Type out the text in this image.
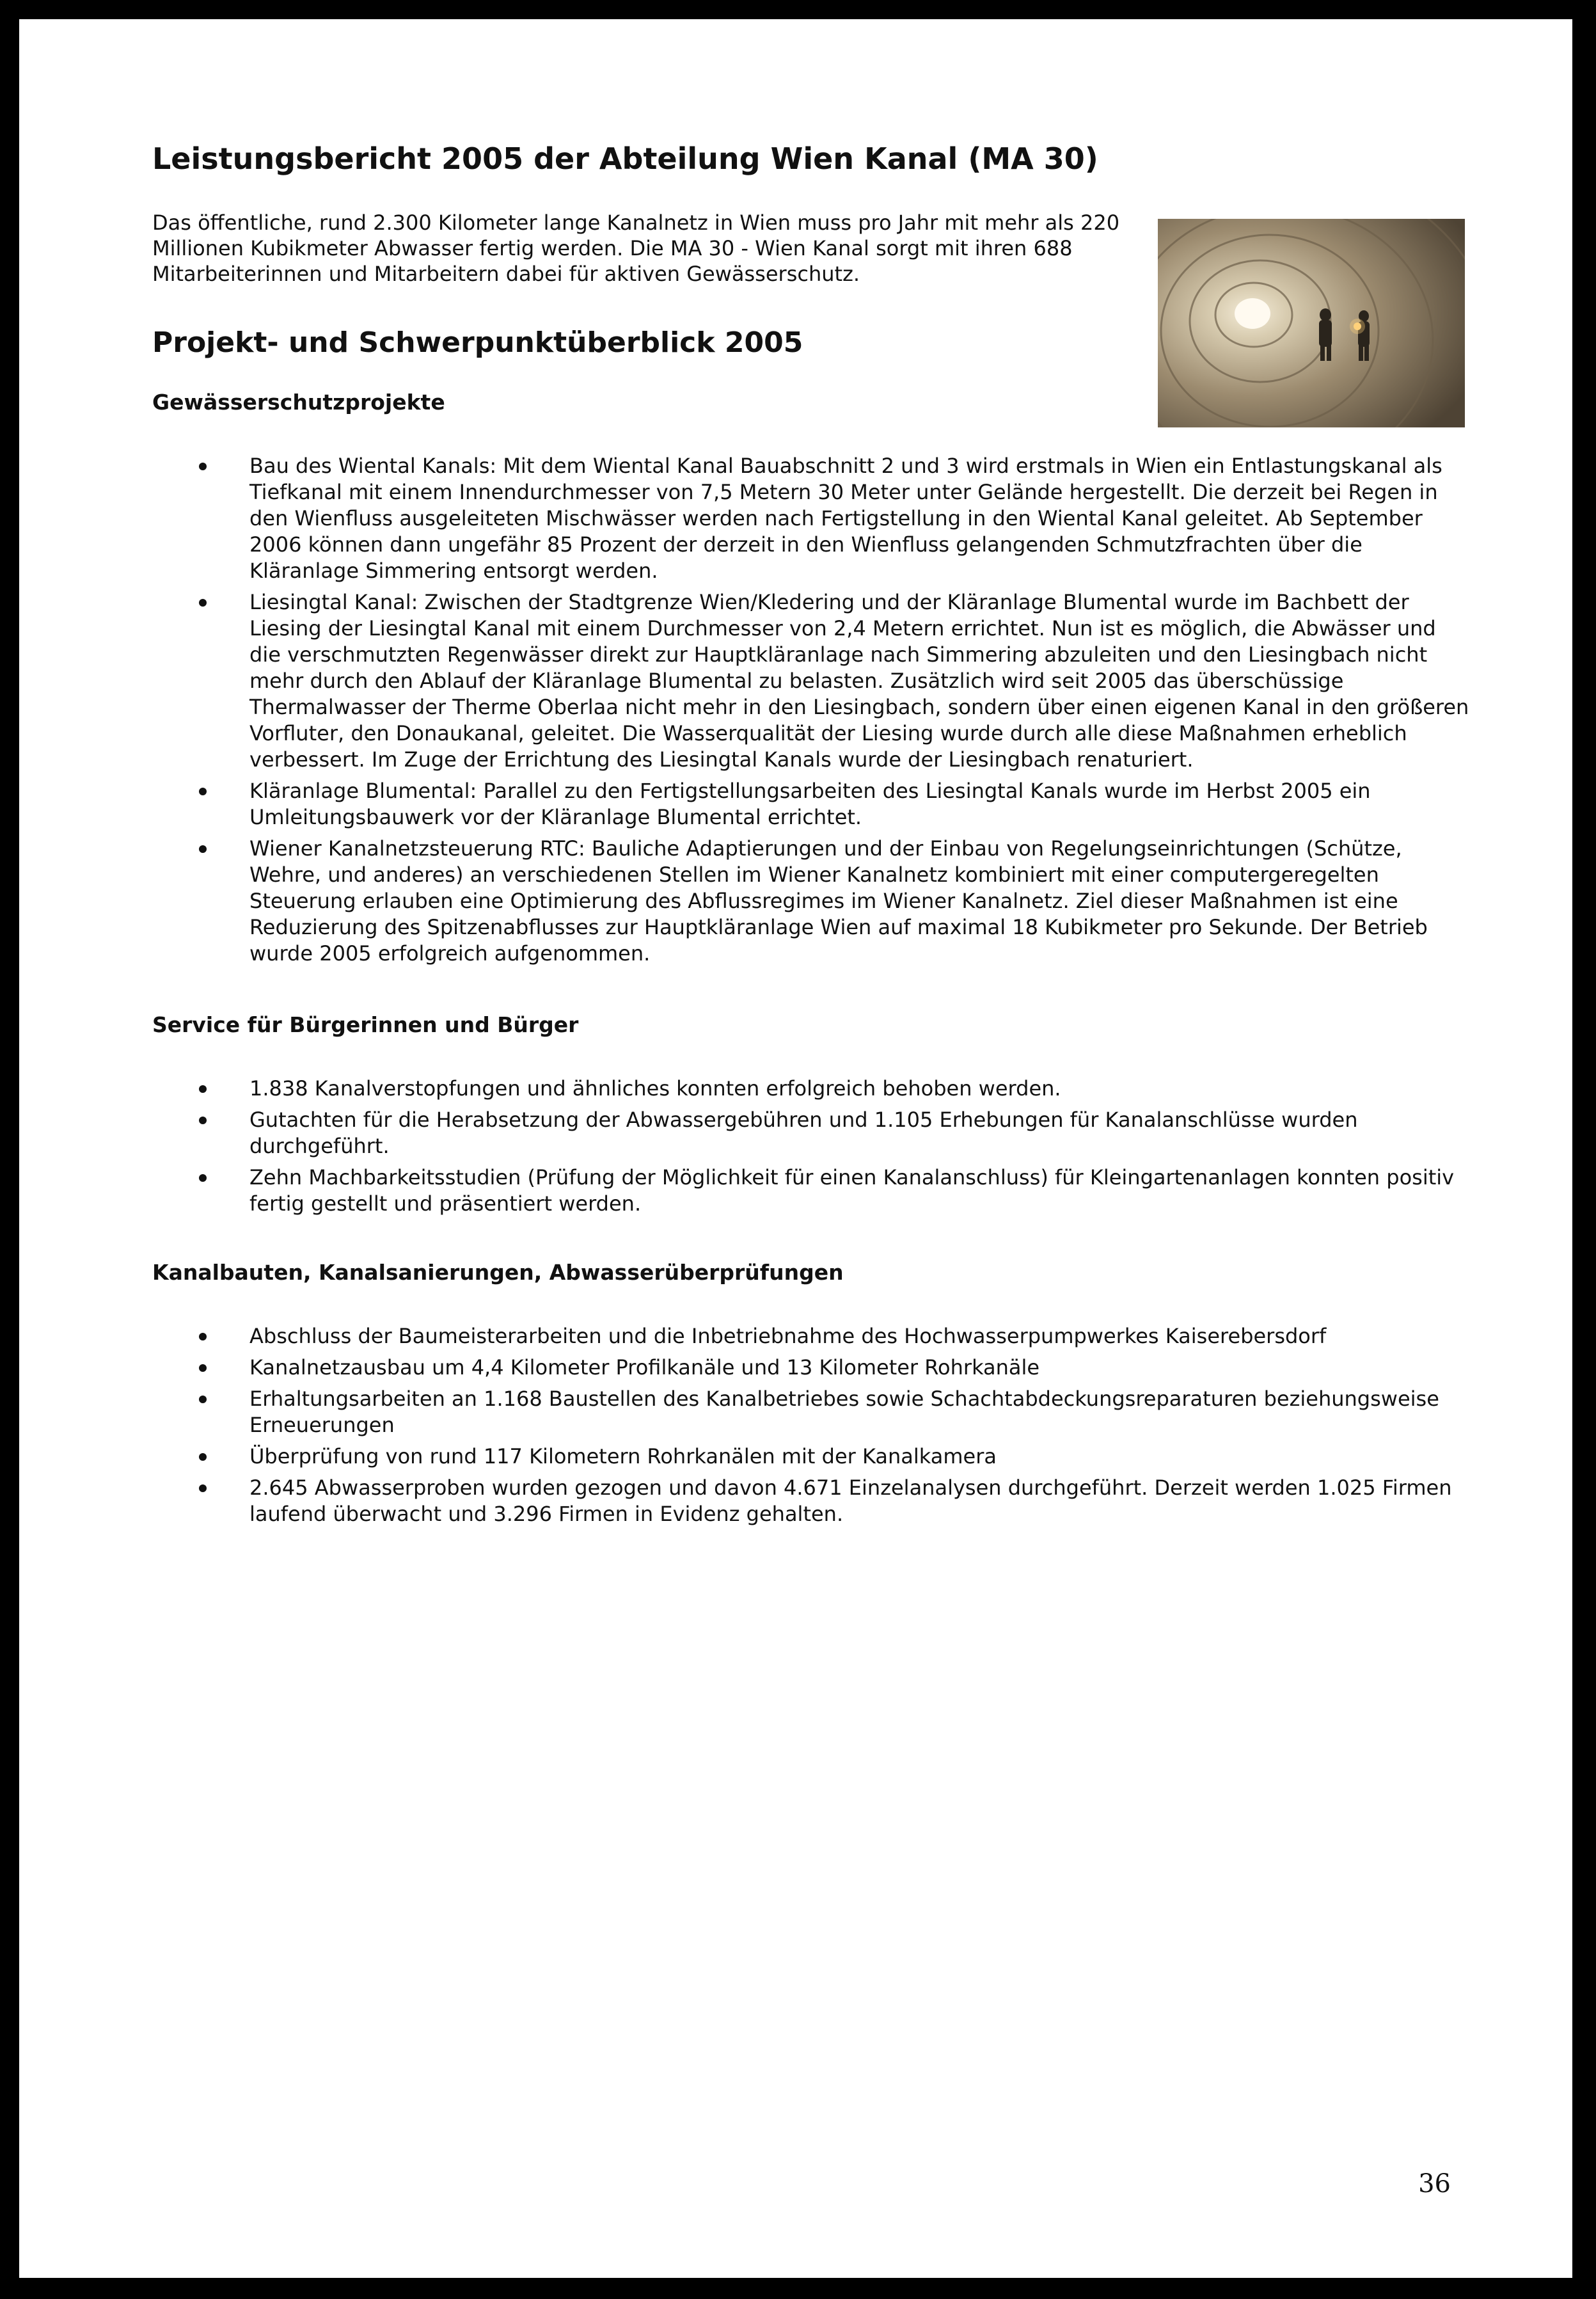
Leistungsbericht 2005 der Abteilung Wien Kanal (MA 30)

Das öffentliche, rund 2.300 Kilometer lange Kanalnetz in Wien muss pro Jahr mit mehr als 220 Millionen Kubikmeter Abwasser fertig werden. Die MA 30 - Wien Kanal sorgt mit ihren 688 Mitarbeiterinnen und Mitarbeitern dabei für aktiven Gewässerschutz.

Projekt- und Schwerpunktüberblick 2005
Gewässerschutzprojekte
Bau des Wiental Kanals: Mit dem Wiental Kanal Bauabschnitt 2 und 3 wird erstmals in Wien ein Entlastungskanal als Tiefkanal mit einem Innendurchmesser von 7,5 Metern 30 Meter unter Gelände hergestellt. Die derzeit bei Regen in den Wienfluss ausgeleiteten Mischwässer werden nach Fertigstellung in den Wiental Kanal geleitet. Ab September 2006 können dann ungefähr 85 Prozent der derzeit in den Wienfluss gelangenden Schmutzfrachten über die Kläranlage Simmering entsorgt werden.
Liesingtal Kanal: Zwischen der Stadtgrenze Wien/Kledering und der Kläranlage Blumental wurde im Bachbett der Liesing der Liesingtal Kanal mit einem Durchmesser von 2,4 Metern errichtet. Nun ist es möglich, die Abwässer und die verschmutzten Regenwässer direkt zur Hauptkläranlage nach Simmering abzuleiten und den Liesingbach nicht mehr durch den Ablauf der Kläranlage Blumental zu belasten. Zusätzlich wird seit 2005 das überschüssige Thermalwasser der Therme Oberlaa nicht mehr in den Liesingbach, sondern über einen eigenen Kanal in den größeren Vorfluter, den Donaukanal, geleitet. Die Wasserqualität der Liesing wurde durch alle diese Maßnahmen erheblich verbessert. Im Zuge der Errichtung des Liesingtal Kanals wurde der Liesingbach renaturiert.
Kläranlage Blumental: Parallel zu den Fertigstellungsarbeiten des Liesingtal Kanals wurde im Herbst 2005 ein Umleitungsbauwerk vor der Kläranlage Blumental errichtet.
Wiener Kanalnetzsteuerung RTC: Bauliche Adaptierungen und der Einbau von Regelungseinrichtungen (Schütze, Wehre, und anderes) an verschiedenen Stellen im Wiener Kanalnetz kombiniert mit einer computergeregelten Steuerung erlauben eine Optimierung des Abflussregimes im Wiener Kanalnetz. Ziel dieser Maßnahmen ist eine Reduzierung des Spitzenabflusses zur Hauptkläranlage Wien auf maximal 18 Kubikmeter pro Sekunde. Der Betrieb wurde 2005 erfolgreich aufgenommen.
Service für Bürgerinnen und Bürger
1.838 Kanalverstopfungen und ähnliches konnten erfolgreich behoben werden.
Gutachten für die Herabsetzung der Abwassergebühren und 1.105 Erhebungen für Kanalanschlüsse wurden durchgeführt.
Zehn Machbarkeitsstudien (Prüfung der Möglichkeit für einen Kanalanschluss) für Kleingartenanlagen konnten positiv fertig gestellt und präsentiert werden.
Kanalbauten, Kanalsanierungen, Abwasserüberprüfungen
Abschluss der Baumeisterarbeiten und die Inbetriebnahme des Hochwasserpumpwerkes Kaiserebersdorf
Kanalnetzausbau um 4,4 Kilometer Profilkanäle und 13 Kilometer Rohrkanäle
Erhaltungsarbeiten an 1.168 Baustellen des Kanalbetriebes sowie Schachtabdeckungsreparaturen beziehungsweise Erneuerungen
Überprüfung von rund 117 Kilometern Rohrkanälen mit der Kanalkamera
2.645 Abwasserproben wurden gezogen und davon 4.671 Einzelanalysen durchgeführt. Derzeit werden 1.025 Firmen laufend überwacht und 3.296 Firmen in Evidenz gehalten.
36
